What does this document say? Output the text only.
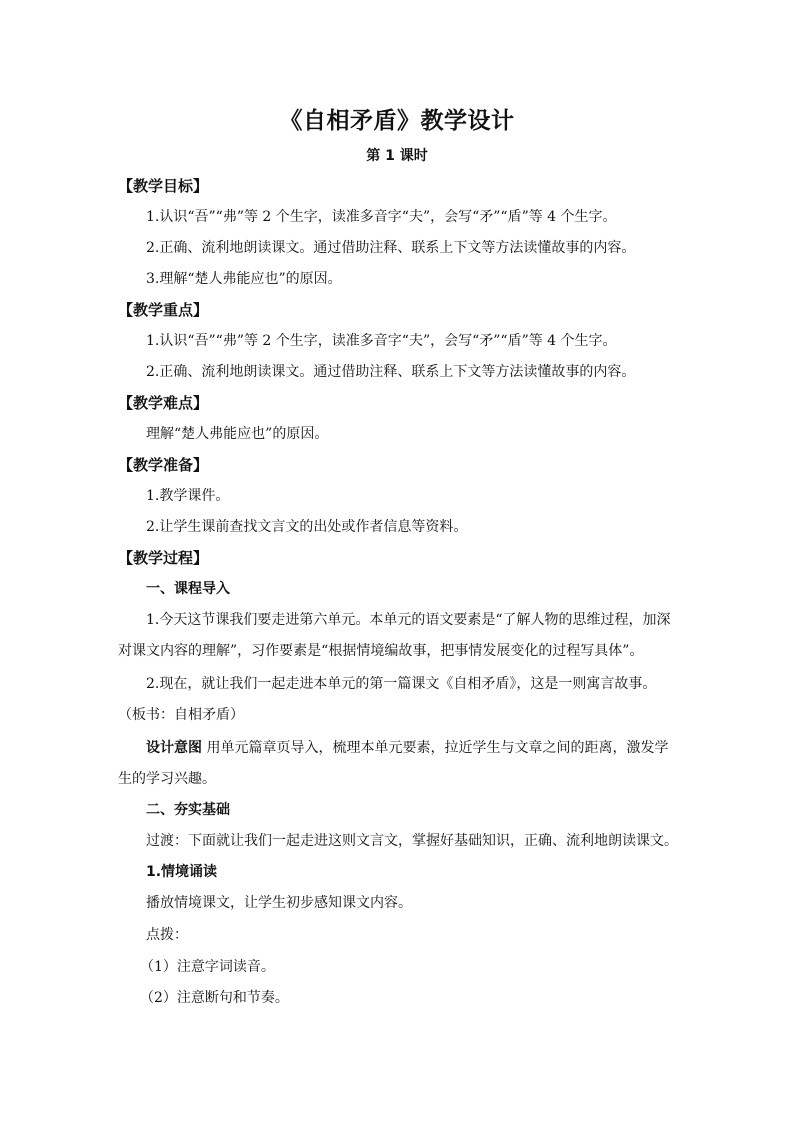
《自相矛盾》教学设计
第 1 课时
【教学目标】
1.认识“吾”“弗”等 2 个生字，读准多音字“夫”，会写“矛”“盾”等 4 个生字。
2.正确、流利地朗读课文。通过借助注释、联系上下文等方法读懂故事的内容。
3.理解“楚人弗能应也”的原因。
【教学重点】
1.认识“吾”“弗”等 2 个生字，读准多音字“夫”，会写“矛”“盾”等 4 个生字。
2.正确、流利地朗读课文。通过借助注释、联系上下文等方法读懂故事的内容。
【教学难点】
理解“楚人弗能应也”的原因。
【教学准备】
1.教学课件。
2.让学生课前查找文言文的出处或作者信息等资料。
【教学过程】
一、课程导入
1.今天这节课我们要走进第六单元。本单元的语文要素是“了解人物的思维过程，加深
对课文内容的理解”，习作要素是“根据情境编故事，把事情发展变化的过程写具体”。
2.现在，就让我们一起走进本单元的第一篇课文《自相矛盾》，这是一则寓言故事。
（板书：自相矛盾）
设计意图 用单元篇章页导入，梳理本单元要素，拉近学生与文章之间的距离，激发学
生的学习兴趣。
二、夯实基础
过渡：下面就让我们一起走进这则文言文，掌握好基础知识，正确、流利地朗读课文。
1.情境诵读
播放情境课文，让学生初步感知课文内容。
点拨：
（1）注意字词读音。
（2）注意断句和节奏。
